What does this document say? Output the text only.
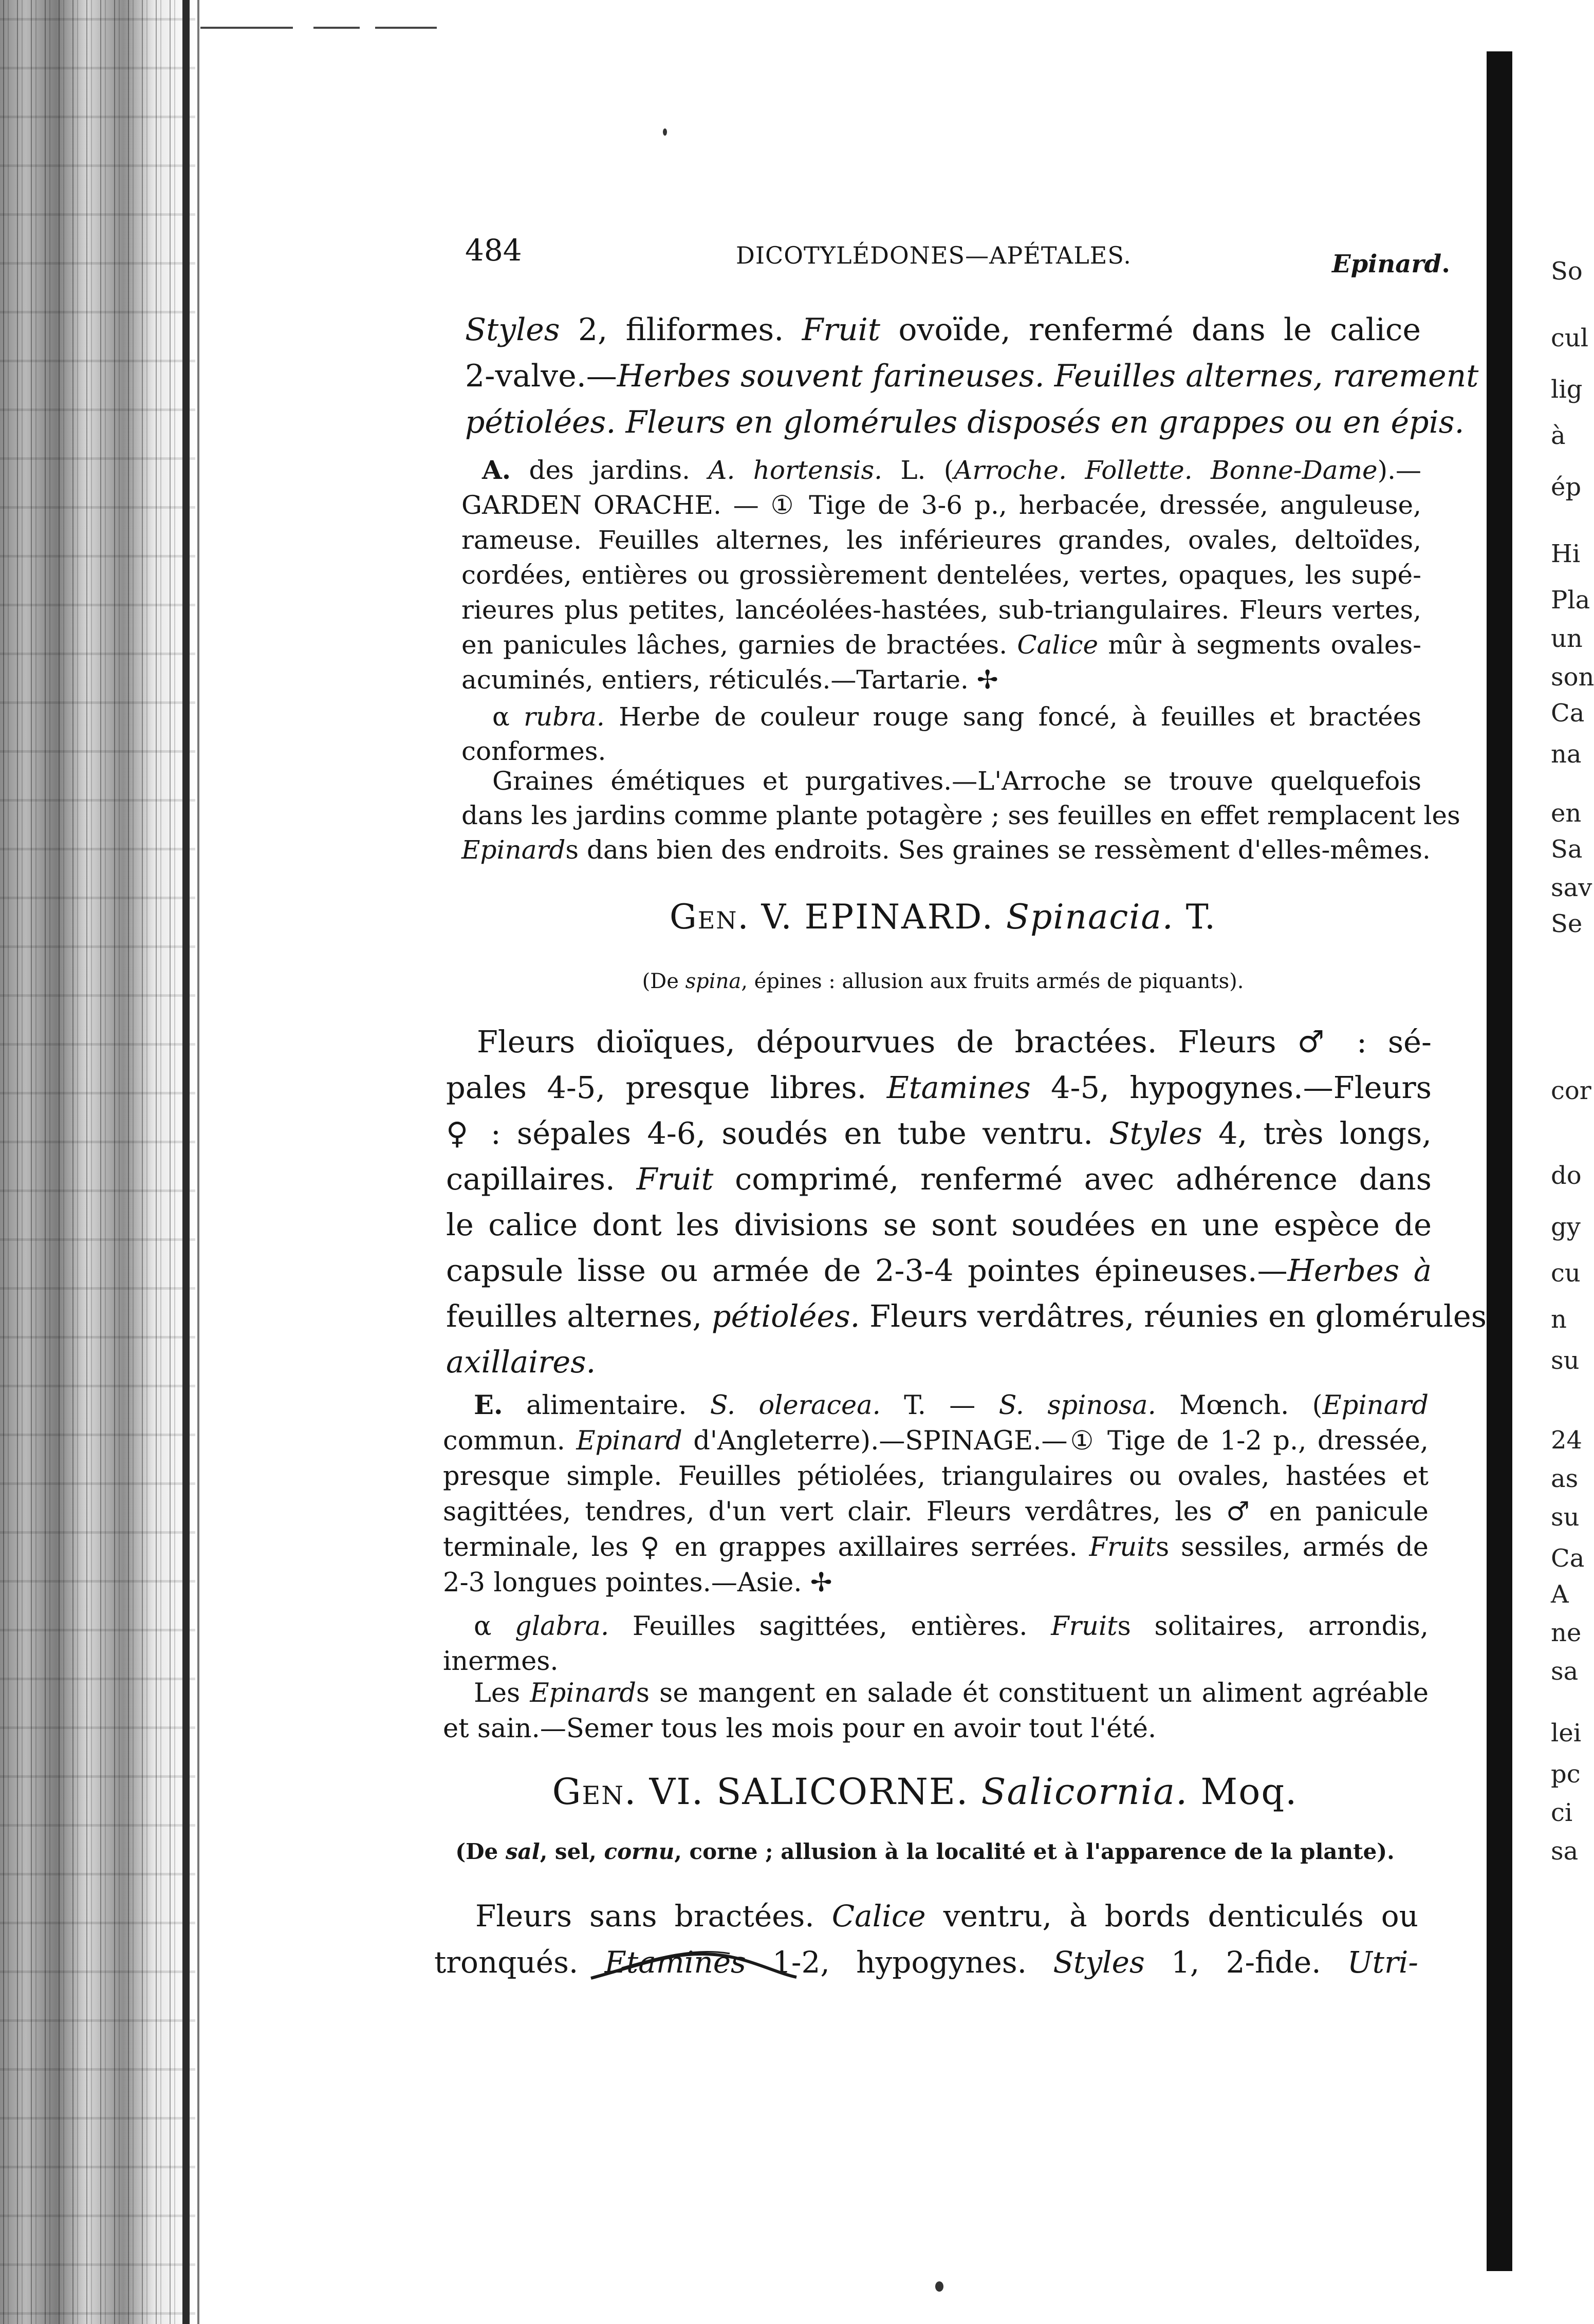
So
cul
lig
à
ép
Hi
Pla
un
son
Ca
na
en
Sa
sav
Se
cor
do
gy
cu
n
su
24
as
su
Ca
A
ne
sa
lei
pc
ci
sa
484	DICOTYLÉDONES—APÉTALES.	Epinard.
Styles 2, filiformes. Fruit ovoïde, renfermé dans le calice
2-valve.—Herbes souvent farineuses. Feuilles alternes, rarement
pétiolées. Fleurs en glomérules disposés en grappes ou en épis.
A. des jardins. A. hortensis. L. (Arroche. Follette. Bonne-Dame).—
GARDEN ORACHE. — ① Tige de 3-6 p., herbacée, dressée, anguleuse,
rameuse. Feuilles alternes, les inférieures grandes, ovales, deltoïdes,
cordées, entières ou grossièrement dentelées, vertes, opaques, les supé-
rieures plus petites, lancéolées-hastées, sub-triangulaires. Fleurs vertes,
en panicules lâches, garnies de bractées. Calice mûr à segments ovales-
acuminés, entiers, réticulés.—Tartarie. ✢
α rubra. Herbe de couleur rouge sang foncé, à feuilles et bractées
conformes.
Graines émétiques et purgatives.—L'Arroche se trouve quelquefois
dans les jardins comme plante potagère ; ses feuilles en effet remplacent les
Epinards dans bien des endroits. Ses graines se ressèment d'elles-mêmes.
Gen. V. EPINARD. Spinacia. T.
(De spina, épines : allusion aux fruits armés de piquants).
Fleurs dioïques, dépourvues de bractées. Fleurs ♂ : sé-
pales 4-5, presque libres. Etamines 4-5, hypogynes.—Fleurs
♀ : sépales 4-6, soudés en tube ventru. Styles 4, très longs,
capillaires. Fruit comprimé, renfermé avec adhérence dans
le calice dont les divisions se sont soudées en une espèce de
capsule lisse ou armée de 2-3-4 pointes épineuses.—Herbes à
feuilles alternes, pétiolées. Fleurs verdâtres, réunies en glomérules
axillaires.
E. alimentaire. S. oleracea. T. — S. spinosa. Mœnch. (Epinard
commun. Epinard d'Angleterre).—SPINAGE.—① Tige de 1-2 p., dressée,
presque simple. Feuilles pétiolées, triangulaires ou ovales, hastées et
sagittées, tendres, d'un vert clair. Fleurs verdâtres, les ♂ en panicule
terminale, les ♀ en grappes axillaires serrées. Fruits sessiles, armés de
2-3 longues pointes.—Asie. ✢
α glabra. Feuilles sagittées, entières. Fruits solitaires, arrondis,
inermes.
Les Epinards se mangent en salade ét constituent un aliment agréable
et sain.—Semer tous les mois pour en avoir tout l'été.
Gen. VI. SALICORNE. Salicornia. Moq.
(De sal, sel, cornu, corne ; allusion à la localité et à l'apparence de la plante).
Fleurs sans bractées. Calice ventru, à bords denticulés ou
tronqués. Etamines 1-2, hypogynes. Styles 1, 2-fide. Utri-
